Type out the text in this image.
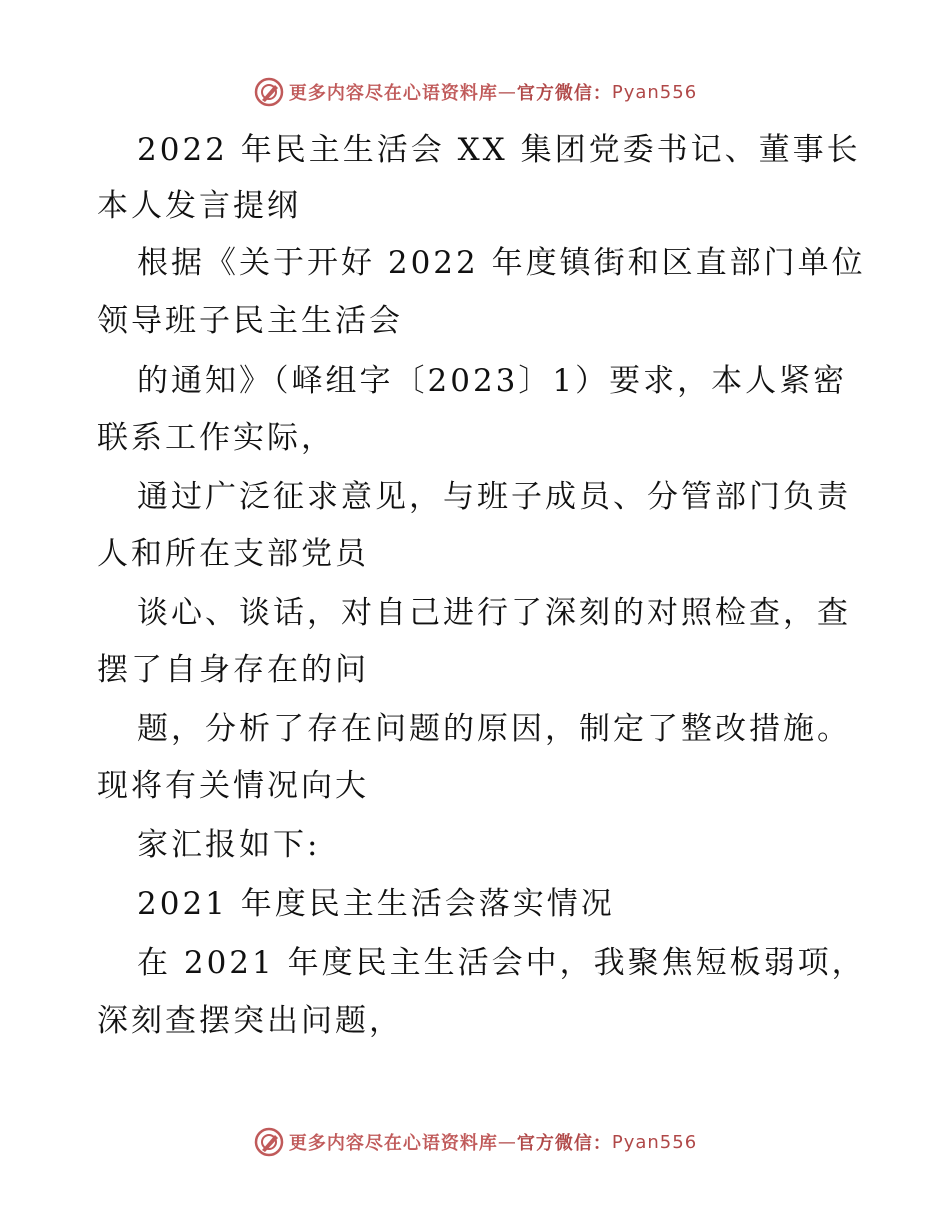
更多内容尽在心语资料库 — 官方微信： Pyan556
2022 年民主生活会 XX 集团党委书记、董事长
本人发言提纲
根据《关于开好 2022 年度镇街和区直部门单位
领导班子民主生活会
的通知》（峄组字〔2023〕1）要求，本人紧密
联系工作实际，
通过广泛征求意见，与班子成员、分管部门负责
人和所在支部党员
谈心、谈话，对自己进行了深刻的对照检查，查
摆了自身存在的问
题，分析了存在问题的原因，制定了整改措施。
现将有关情况向大
家汇报如下:
2021 年度民主生活会落实情况
在 2021 年度民主生活会中，我聚焦短板弱项，
深刻查摆突出问题，
更多内容尽在心语资料库 — 官方微信： Pyan556
